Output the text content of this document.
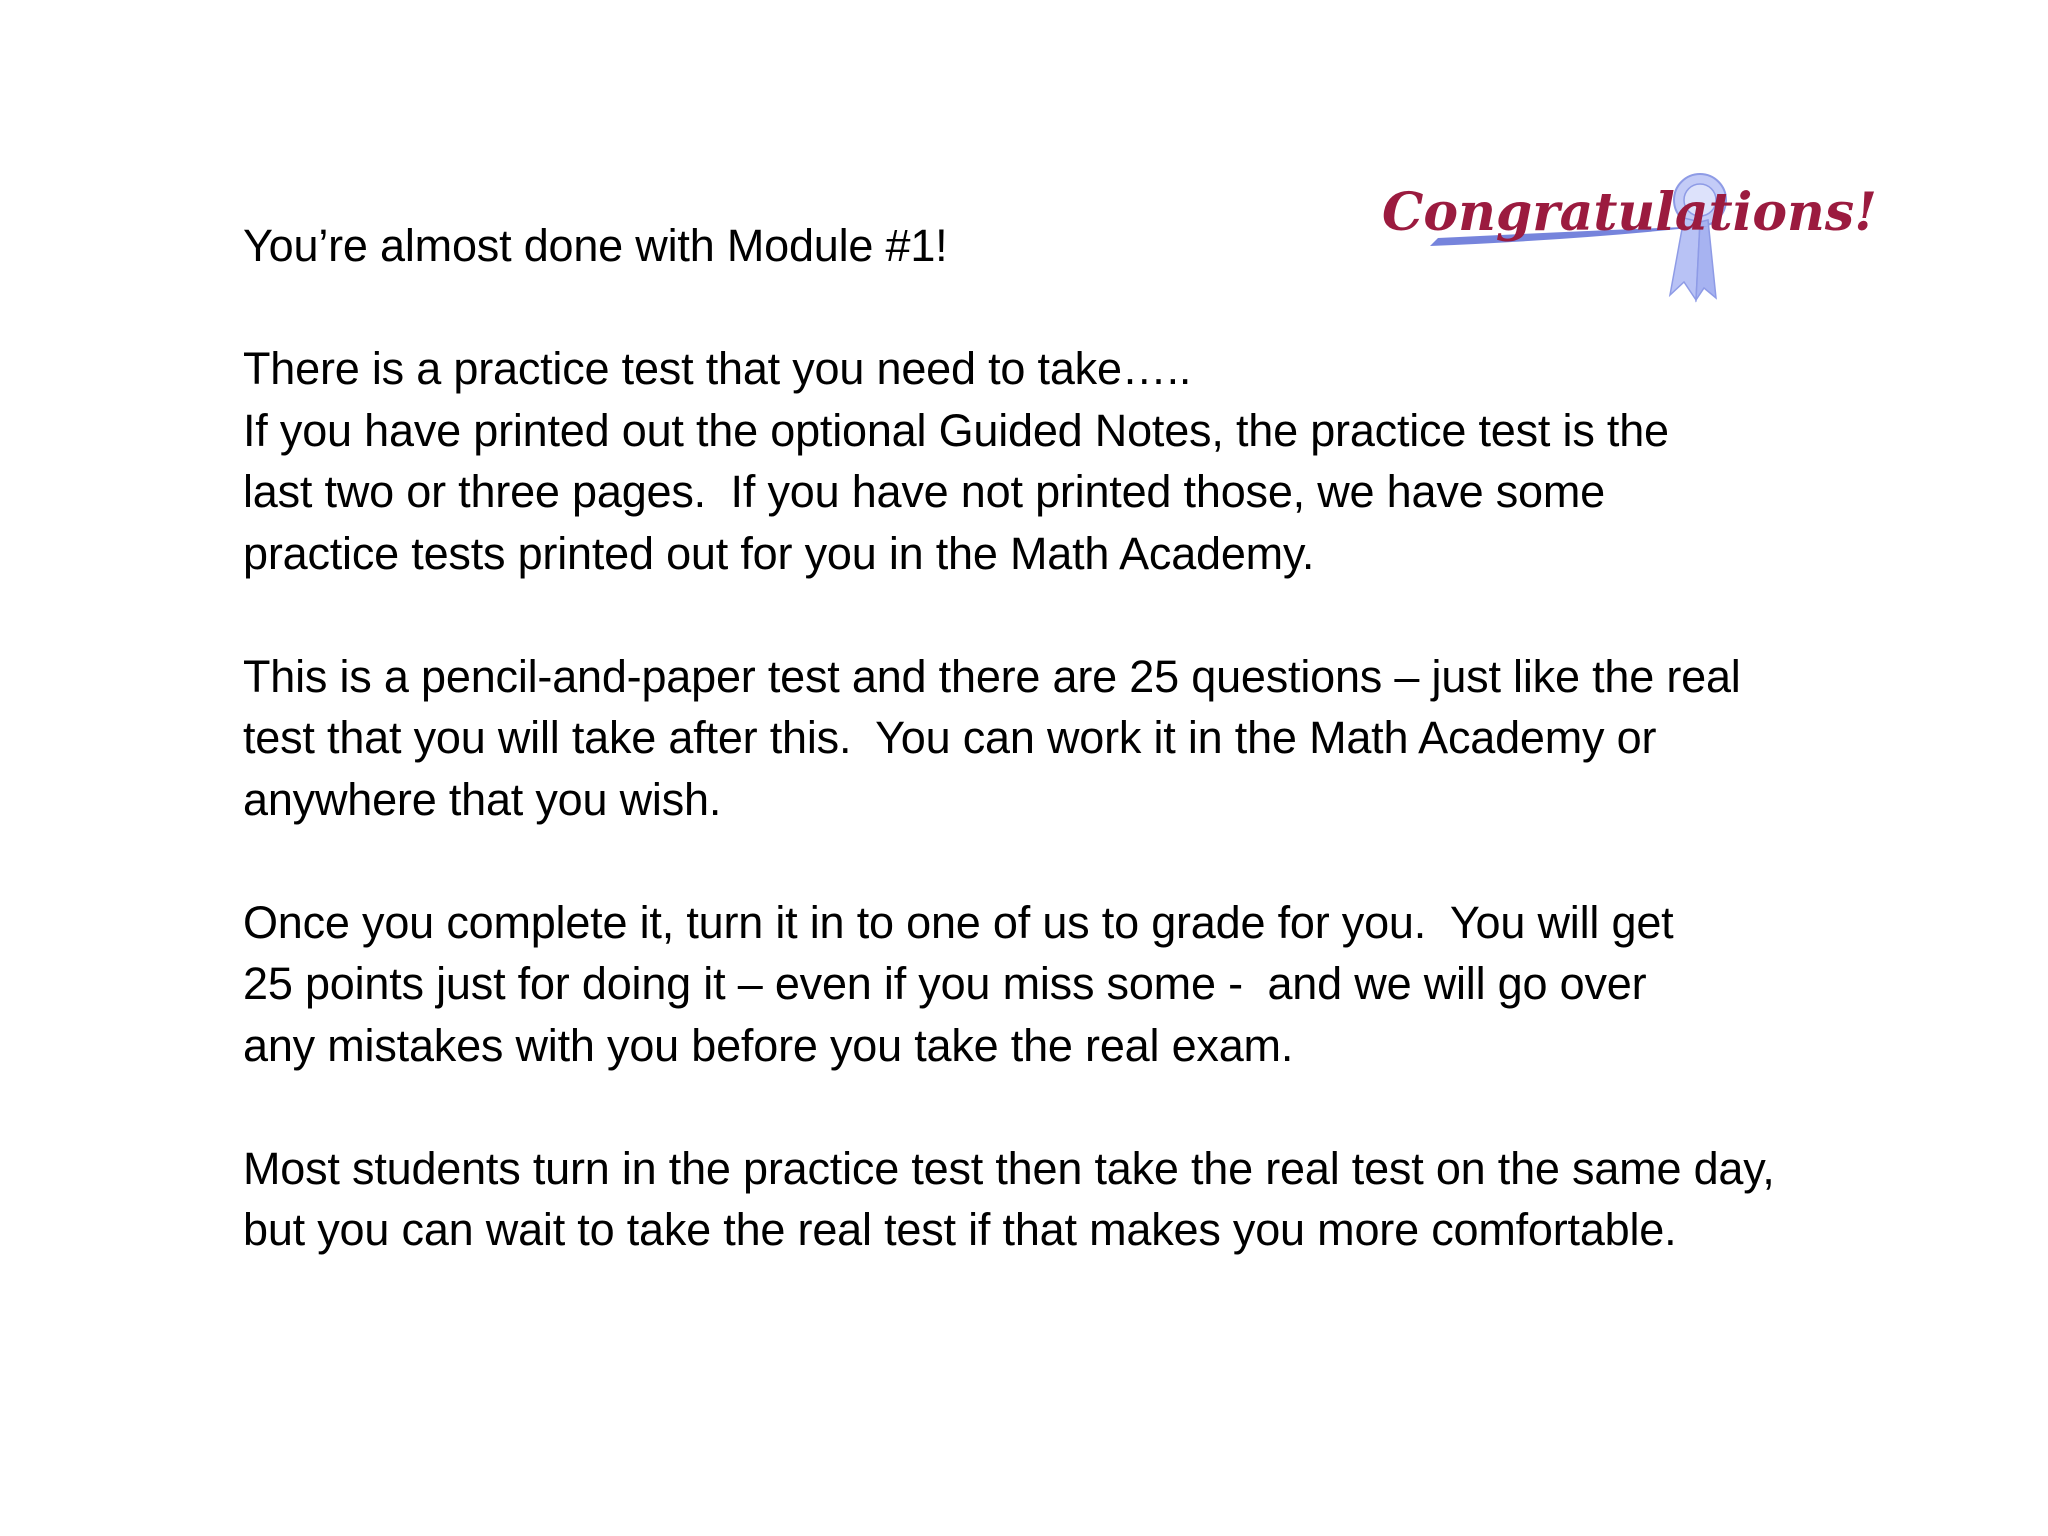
Congratulations!
You’re almost done with Module #1!
There is a practice test that you need to take…..
If you have printed out the optional Guided Notes, the practice test is the
last two or three pages.  If you have not printed those, we have some
practice tests printed out for you in the Math Academy.
This is a pencil-and-paper test and there are 25 questions – just like the real
test that you will take after this.  You can work it in the Math Academy or
anywhere that you wish.
Once you complete it, turn it in to one of us to grade for you.  You will get
25 points just for doing it – even if you miss some -  and we will go over
any mistakes with you before you take the real exam.
Most students turn in the practice test then take the real test on the same day,
but you can wait to take the real test if that makes you more comfortable.
